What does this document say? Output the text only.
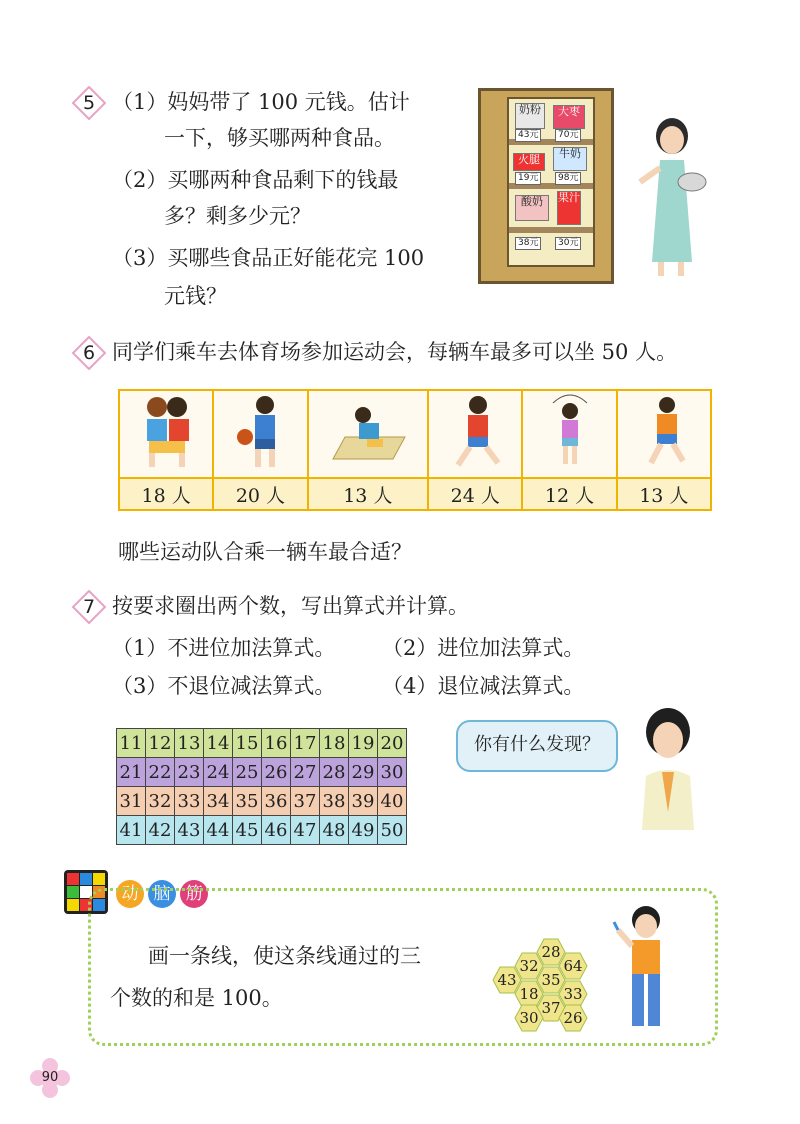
5 （1）妈妈带了 100 元钱。估计
一下，够买哪两种食品。
（2）买哪两种食品剩下的钱最
多？剩多少元？
（3）买哪些食品正好能花完 100
元钱？
奶粉
43元
大枣
70元
火腿
19元
牛奶
98元
酸奶
38元
果汁
30元
6 同学们乘车去体育场参加运动会，每辆车最多可以坐 50 人。

18 人	20 人	13 人	24 人	12 人	13 人
哪些运动队合乘一辆车最合适？
7 按要求圈出两个数，写出算式并计算。
（1）不进位加法算式。 （2）进位加法算式。
（3）不退位减法算式。 （4）退位减法算式。
11	12	13	14	15	16	17	18	19	20
21	22	23	24	25	26	27	28	29	30
31	32	33	34	35	36	37	38	39	40
41	42	43	44	45	46	47	48	49	50
你有什么发现？
动 脑 筋
画一条线，使这条线通过的三
个数的和是 100。
28
32	64
43	35
18	33
37
30	26
90
